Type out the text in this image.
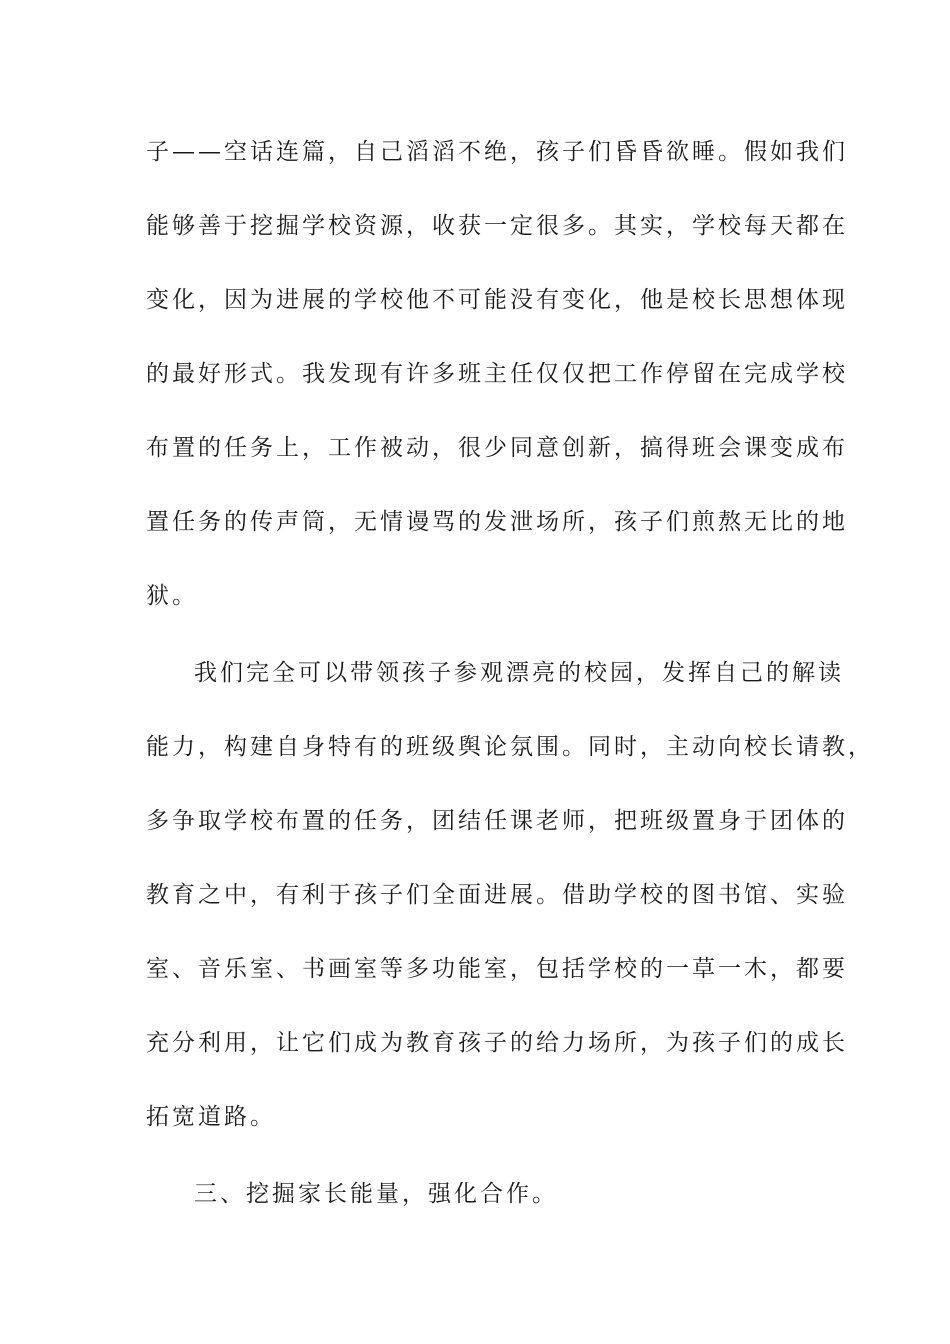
子——空话连篇，自己滔滔不绝，孩子们昏昏欲睡。假如我们
能够善于挖掘学校资源，收获一定很多。其实，学校每天都在
变化，因为进展的学校他不可能没有变化，他是校长思想体现
的最好形式。我发现有许多班主任仅仅把工作停留在完成学校
布置的任务上，工作被动，很少同意创新，搞得班会课变成布
置任务的传声筒，无情谩骂的发泄场所，孩子们煎熬无比的地
狱。
我们完全可以带领孩子参观漂亮的校园，发挥自己的解读
能力，构建自身特有的班级舆论氛围。同时，主动向校长请教，
多争取学校布置的任务，团结任课老师，把班级置身于团体的
教育之中，有利于孩子们全面进展。借助学校的图书馆、实验
室、音乐室、书画室等多功能室，包括学校的一草一木，都要
充分利用，让它们成为教育孩子的给力场所，为孩子们的成长
拓宽道路。
三、挖掘家长能量，强化合作。
